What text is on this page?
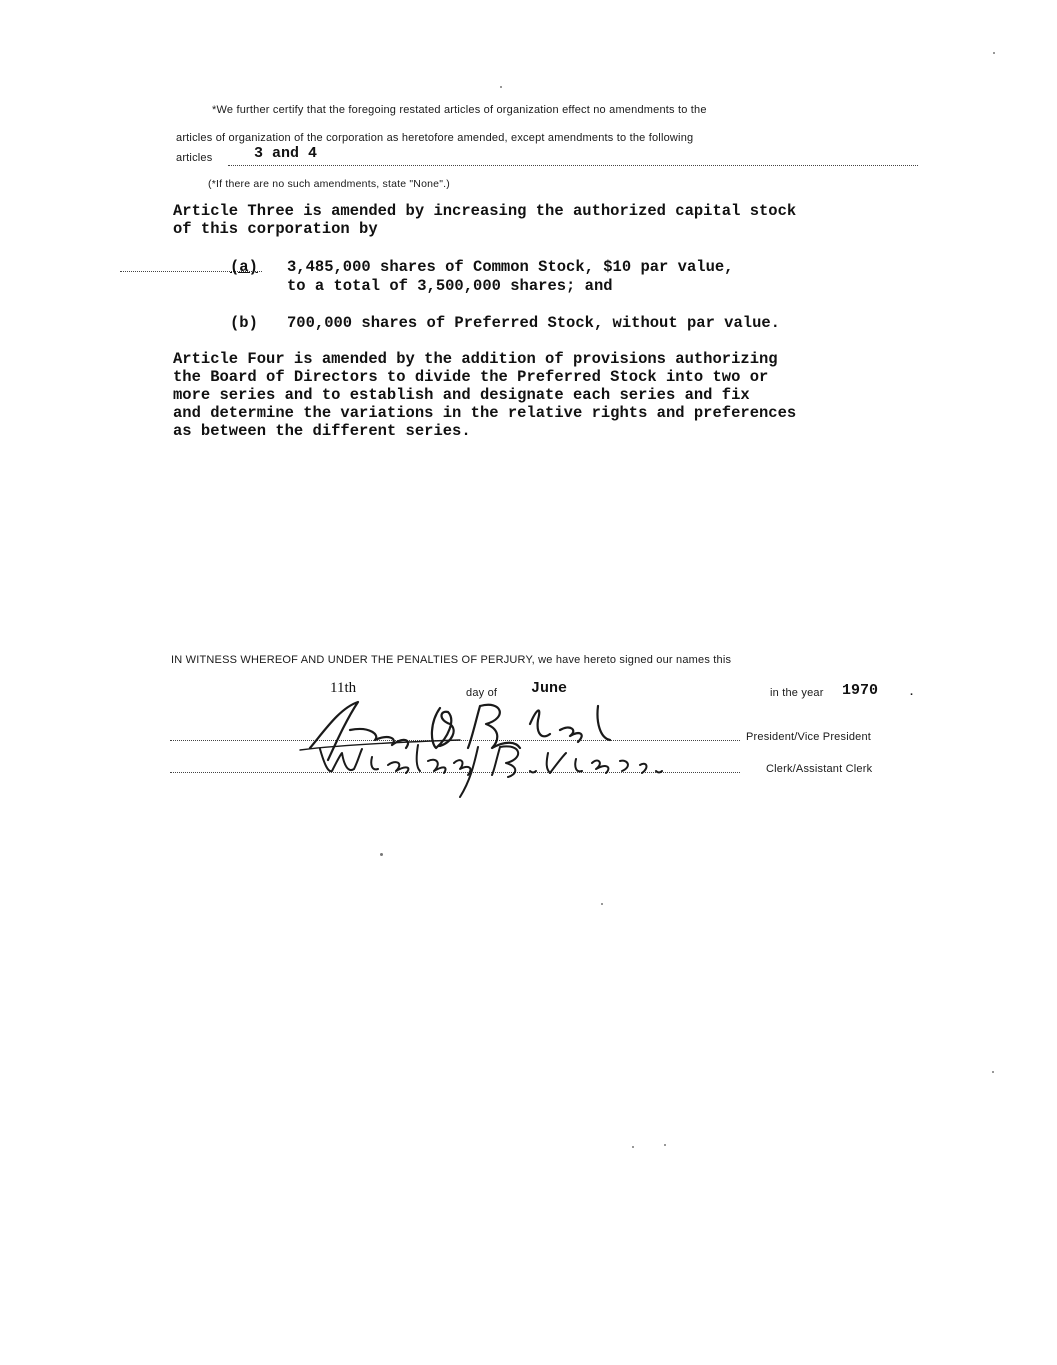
*We further certify that the foregoing restated articles of organization effect no amendments to the
articles of organization of the corporation as heretofore amended, except amendments to the following
articles	3 and 4
(*If there are no such amendments, state "None".)
Article Three is amended by increasing the authorized capital stock
of this corporation by
(a) 3,485,000 shares of Common Stock, $10 par value,
to a total of 3,500,000 shares; and
(b) 700,000 shares of Preferred Stock, without par value.
Article Four is amended by the addition of provisions authorizing
the Board of Directors to divide the Preferred Stock into two or
more series and to establish and designate each series and fix
and determine the variations in the relative rights and preferences
as between the different series.
IN WITNESS WHEREOF AND UNDER THE PENALTIES OF PERJURY, we have hereto signed our names this
11th	day of June	in the year 1970	.
President/Vice President
Clerk/Assistant Clerk
